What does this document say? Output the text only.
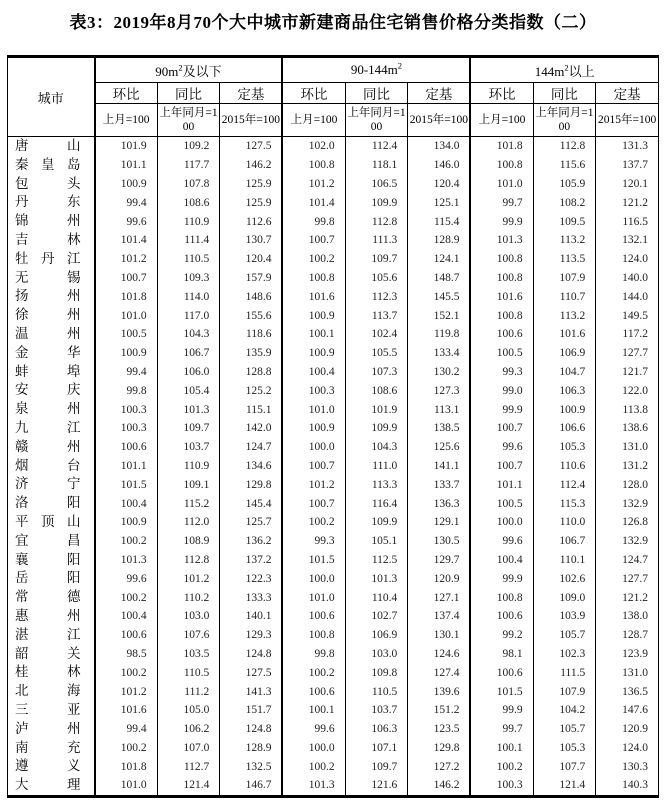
表3：2019年8月70个大中城市新建商品住宅销售价格分类指数（二）
城市	$90m^2$及以下			$90-144m^2$			$144m^2$以上		
	环比	同比	定基	环比	同比	定基	环比	同比	定基
	上月=100	上年同月=100	2015年=100	上月=100	上年同月=100	2015年=100	上月=100	上年同月=100	2015年=100

唐山	101.9	109.2	127.5	102.0	112.4	134.0	101.8	112.8	131.3

秦皇岛	101.1	117.7	146.2	100.8	118.1	146.0	100.8	115.6	137.7

包头	100.9	107.8	125.9	101.2	106.5	120.4	101.0	105.9	120.1

丹东	99.4	108.6	125.9	101.4	109.9	125.1	99.7	108.2	121.2

锦州	99.6	110.9	112.6	99.8	112.8	115.4	99.9	109.5	116.5

吉林	101.4	111.4	130.7	100.7	111.3	128.9	101.3	113.2	132.1

牡丹江	101.2	110.5	120.4	100.2	109.7	124.1	100.8	113.5	124.0

无锡	100.7	109.3	157.9	100.8	105.6	148.7	100.8	107.9	140.0

扬州	101.8	114.0	148.6	101.6	112.3	145.5	101.6	110.7	144.0

徐州	101.0	117.0	155.6	100.9	113.7	152.1	100.8	113.2	149.5

温州	100.5	104.3	118.6	100.1	102.4	119.8	100.6	101.6	117.2

金华	100.9	106.7	135.9	100.9	105.5	133.4	100.5	106.9	127.7

蚌埠	99.4	106.0	128.8	100.4	107.3	130.2	99.3	104.7	121.7

安庆	99.8	105.4	125.2	100.3	108.6	127.3	99.0	106.3	122.0

泉州	100.3	101.3	115.1	101.0	101.9	113.1	99.9	100.9	113.8

九江	100.3	109.7	142.0	100.9	109.9	138.5	100.7	106.6	138.6

赣州	100.6	103.7	124.7	100.0	104.3	125.6	99.6	105.3	131.0

烟台	101.1	110.9	134.6	100.7	111.0	141.1	100.7	110.6	131.2

济宁	101.5	109.1	129.8	101.2	113.3	133.7	101.1	112.4	128.0

洛阳	100.4	115.2	145.4	100.7	116.4	136.3	100.5	115.3	132.9

平顶山	100.9	112.0	125.7	100.2	109.9	129.1	100.0	110.0	126.8

宜昌	100.2	108.9	136.2	99.3	105.1	130.5	99.6	106.7	132.9

襄阳	101.3	112.8	137.2	101.5	112.5	129.7	100.4	110.1	124.7

岳阳	99.6	101.2	122.3	100.0	101.3	120.9	99.9	102.6	127.7

常德	100.2	110.2	133.3	101.0	110.4	127.1	100.8	109.0	121.2

惠州	100.4	103.0	140.1	100.6	102.7	137.4	100.6	103.9	138.0

湛江	100.6	107.6	129.3	100.8	106.9	130.1	99.2	105.7	128.7

韶关	98.5	103.5	124.8	99.8	103.0	124.6	98.1	102.3	123.9

桂林	100.2	110.5	127.5	100.2	109.8	127.4	100.6	111.5	131.0

北海	101.2	111.2	141.3	100.6	110.5	139.6	101.5	107.9	136.5

三亚	101.6	105.0	151.7	100.1	103.7	151.2	99.9	104.2	147.6

泸州	99.4	106.2	124.8	99.6	106.3	123.5	99.7	105.7	120.9

南充	100.2	107.0	128.9	100.0	107.1	129.8	100.1	105.3	124.0

遵义	101.8	112.7	132.5	100.2	109.7	127.2	100.2	107.7	130.3

大理	101.0	121.4	146.7	101.3	121.6	146.2	100.3	121.4	140.3
